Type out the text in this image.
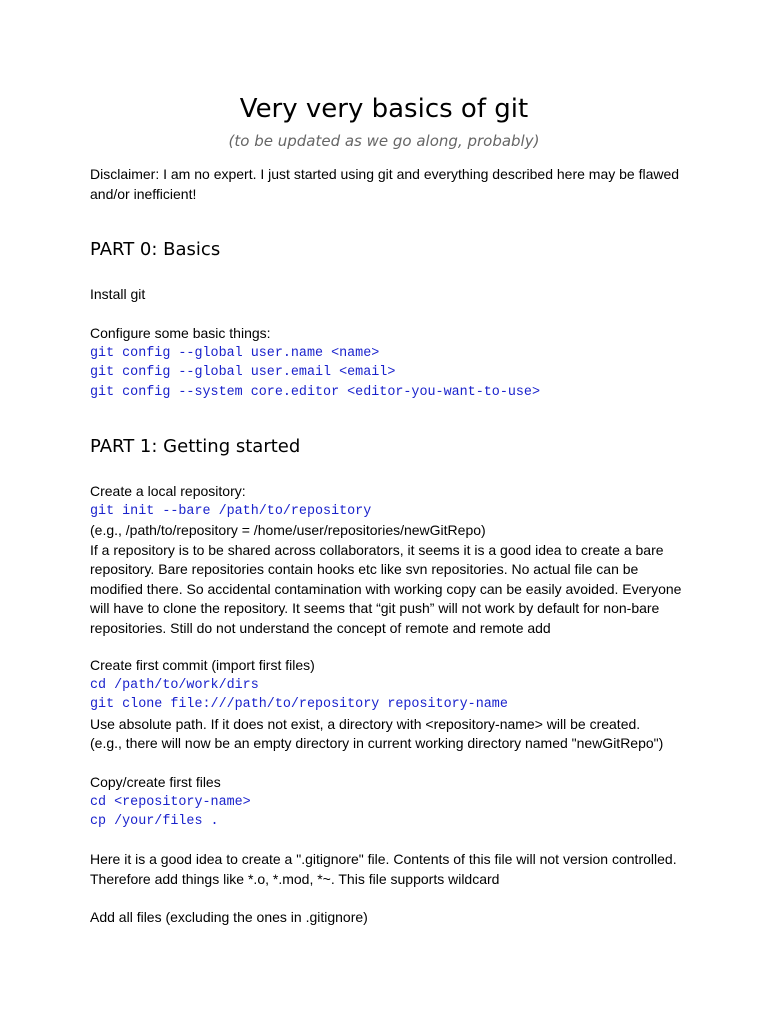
Very very basics of git

(to be updated as we go along, probably)

Disclaimer: I am no expert. I just started using git and everything described here may be flawed and/or inefficient!

PART 0: Basics

Install git

Configure some basic things:

git config --global user.name <name>

git config --global user.email <email>

git config --system core.editor <editor-you-want-to-use>

PART 1: Getting started

Create a local repository:

git init --bare /path/to/repository

(e.g., /path/to/repository = /home/user/repositories/newGitRepo)

If a repository is to be shared across collaborators, it seems it is a good idea to create a bare repository. Bare repositories contain hooks etc like svn repositories. No actual file can be modified there. So accidental contamination with working copy can be easily avoided. Everyone will have to clone the repository. It seems that “git push” will not work by default for non-bare repositories. Still do not understand the concept of remote and remote add

Create first commit (import first files)

cd /path/to/work/dirs

git clone file:///path/to/repository repository-name

Use absolute path. If it does not exist, a directory with <repository-name> will be created.

(e.g., there will now be an empty directory in current working directory named "newGitRepo")

Copy/create first files

cd <repository-name>

cp /your/files .

Here it is a good idea to create a ".gitignore" file. Contents of this file will not version controlled. Therefore add things like *.o, *.mod, *~. This file supports wildcard

Add all files (excluding the ones in .gitignore)
